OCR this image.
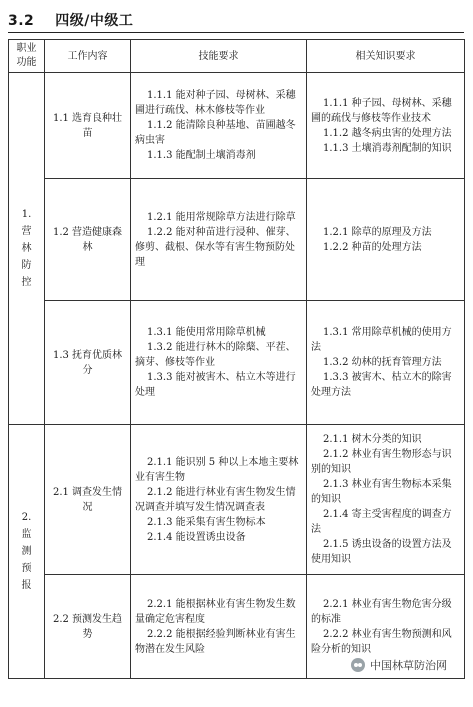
3.2 四级/中级工
职业功能	工作内容	技能要求	相关知识要求

1. 营林防控	1.1 选育良种壮苗	1.1.1 能对种子园、母树林、采穗圃进行疏伐、林木修枝等作业
1.1.2 能清除良种基地、苗圃越冬病虫害
1.1.3 能配制土壤消毒剂	1.1.1 种子园、母树林、采穗圃的疏伐与修枝等作业技术
1.1.2 越冬病虫害的处理方法
1.1.3 土壤消毒剂配制的知识

	1.2 营造健康森林	1.2.1 能用常规除草方法进行除草
1.2.2 能对种苗进行浸种、催芽、修剪、截根、保水等有害生物预防处理	1.2.1 除草的原理及方法
1.2.2 种苗的处理方法

	1.3 抚育优质林分	1.3.1 能使用常用除草机械
1.3.2 能进行林木的除蘖、平茬、摘芽、修枝等作业
1.3.3 能对被害木、枯立木等进行处理	1.3.1 常用除草机械的使用方法
1.3.2 幼林的抚育管理方法
1.3.3 被害木、枯立木的除害处理方法

2. 监测预报	2.1 调查发生情况	2.1.1 能识别 5 种以上本地主要林业有害生物
2.1.2 能进行林业有害生物发生情况调查并填写发生情况调查表
2.1.3 能采集有害生物标本
2.1.4 能设置诱虫设备	2.1.1 树木分类的知识
2.1.2 林业有害生物形态与识别的知识
2.1.3 林业有害生物标本采集的知识
2.1.4 寄主受害程度的调查方法
2.1.5 诱虫设备的设置方法及使用知识

	2.2 预测发生趋势	2.2.1 能根据林业有害生物发生数量确定危害程度
2.2.2 能根据经验判断林业有害生物潜在发生风险	2.2.1 林业有害生物危害分级的标准
2.2.2 林业有害生物预测和风险分析的知识
中国林草防治网
